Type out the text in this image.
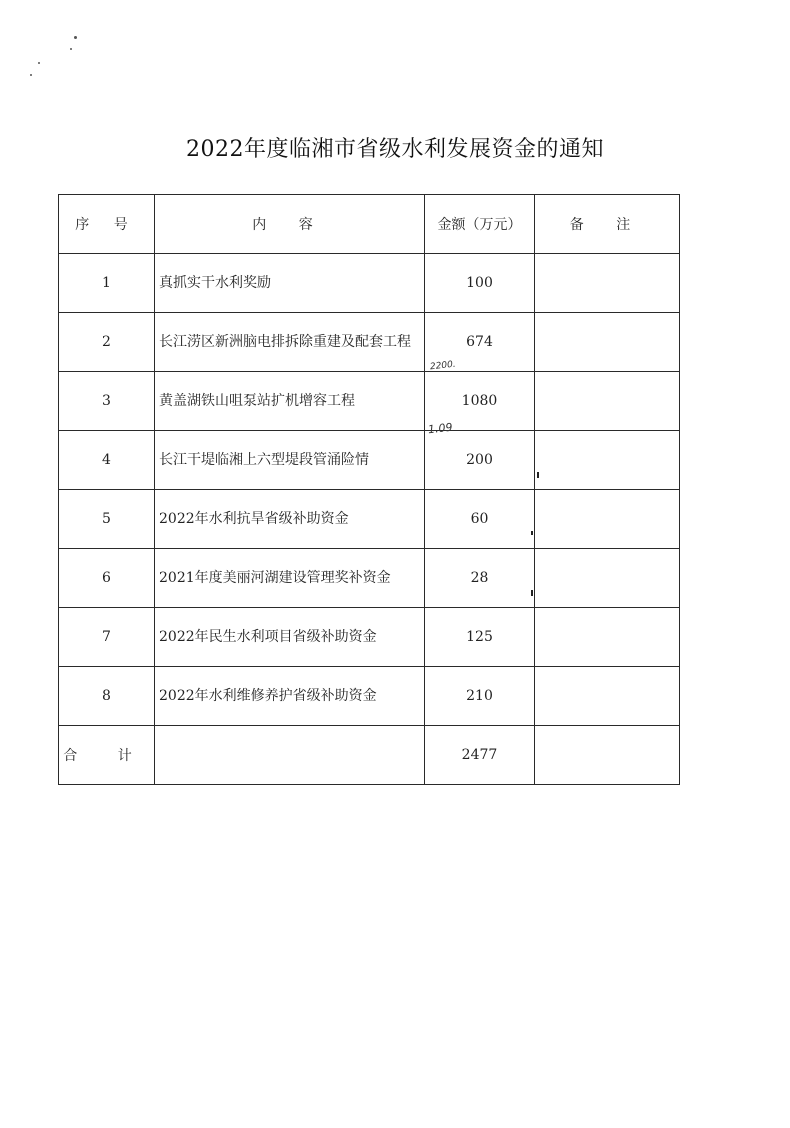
2022年度临湘市省级水利发展资金的通知
序 号	内 容	金额（万元）	备 注
1	真抓实干水利奖励	100	
2	长江涝区新洲脑电排拆除重建及配套工程	674	
3	黄盖湖铁山咀泵站扩机增容工程	1080	
4	长江干堤临湘上六型堤段管涌险情	200	
5	2022年水利抗旱省级补助资金	60	
6	2021年度美丽河湖建设管理奖补资金	28	
7	2022年民生水利项目省级补助资金	125	
8	2022年水利维修养护省级补助资金	210	
合 计		2477	
2200.
1.09
